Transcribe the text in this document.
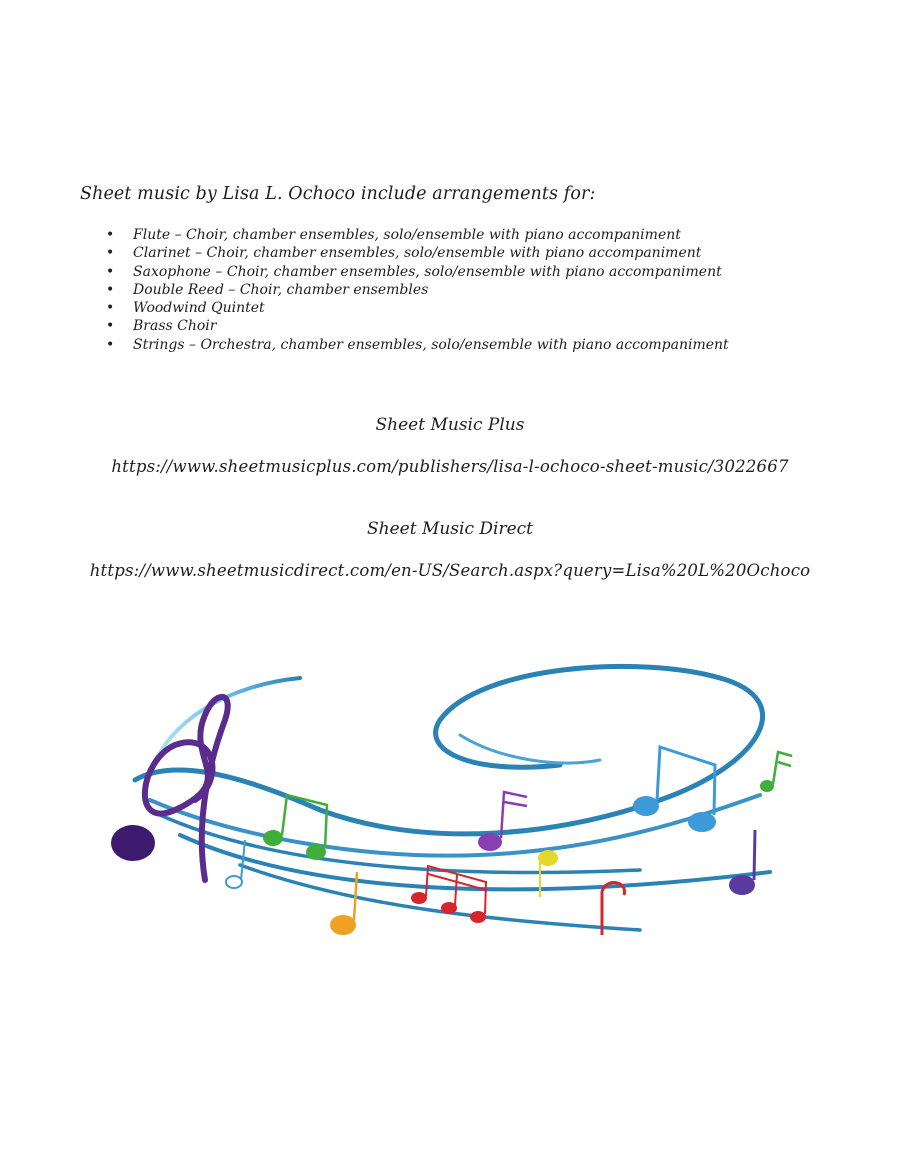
Sheet music by Lisa L. Ochoco include arrangements for:

• Flute – Choir, chamber ensembles, solo/ensemble with piano accompaniment
• Clarinet – Choir, chamber ensembles, solo/ensemble with piano accompaniment
• Saxophone – Choir, chamber ensembles, solo/ensemble with piano accompaniment
• Double Reed – Choir, chamber ensembles
• Woodwind Quintet
• Brass Choir
• Strings – Orchestra, chamber ensembles, solo/ensemble with piano accompaniment

Sheet Music Plus

https://www.sheetmusicplus.com/publishers/lisa-l-ochoco-sheet-music/3022667

Sheet Music Direct

https://www.sheetmusicdirect.com/en-US/Search.aspx?query=Lisa%20L%20Ochoco
